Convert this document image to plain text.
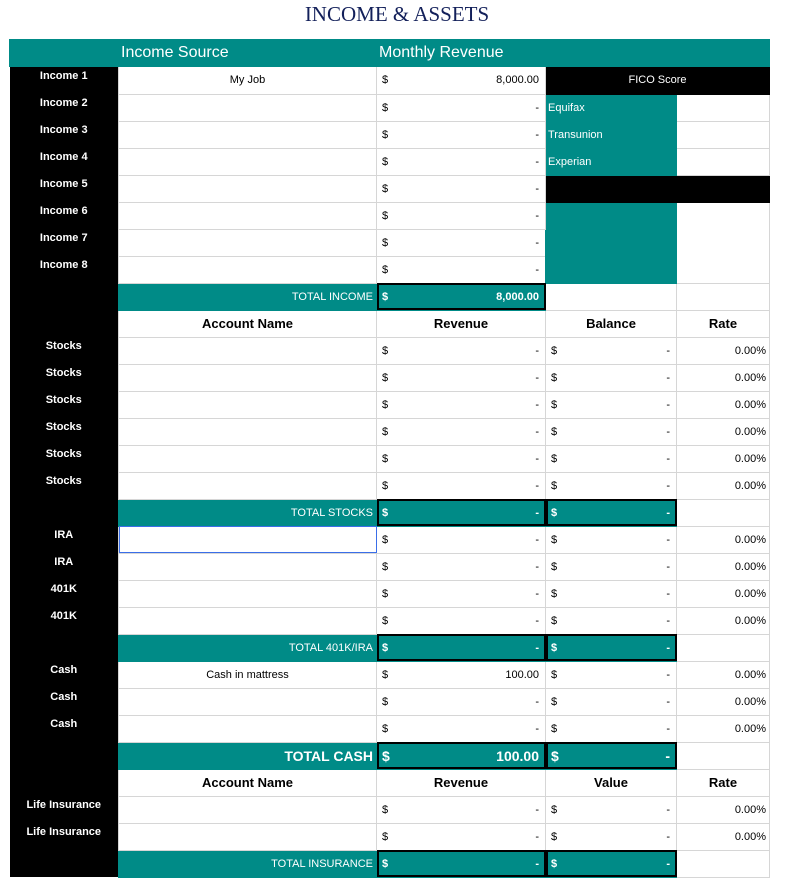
INCOME & ASSETS
	Income Source	Monthly Revenue		
Income 1	My Job	$ 8,000.00	FICO Score	
Income 2		$ -	Equifax	
Income 3		$ -	Transunion	
Income 4		$ -	Experian	
Income 5		$ -		

Income 6		$ -		

Income 7		$ -		

Income 8		$ -		

	TOTAL INCOME	$ 8,000.00		

	Account Name	Revenue	Balance	Rate
Stocks		$ -	$ -	0.00%
Stocks		$ -	$ -	0.00%
Stocks		$ -	$ -	0.00%
Stocks		$ -	$ -	0.00%
Stocks		$ -	$ -	0.00%
Stocks		$ -	$ -	0.00%
	TOTAL STOCKS	$ -	$ -	

IRA		$ -	$ -	0.00%
IRA		$ -	$ -	0.00%
401K		$ -	$ -	0.00%
401K		$ -	$ -	0.00%
	TOTAL 401K/IRA	$ -	$ -	

Cash	Cash in mattress	$ 100.00	$ -	0.00%
Cash		$ -	$ -	0.00%
Cash		$ -	$ -	0.00%
	TOTAL CASH	$ 100.00	$ -	

	Account Name	Revenue	Value	Rate
Life Insurance		$ -	$ -	0.00%
Life Insurance		$ -	$ -	0.00%
	TOTAL INSURANCE	$ -	$ -	
